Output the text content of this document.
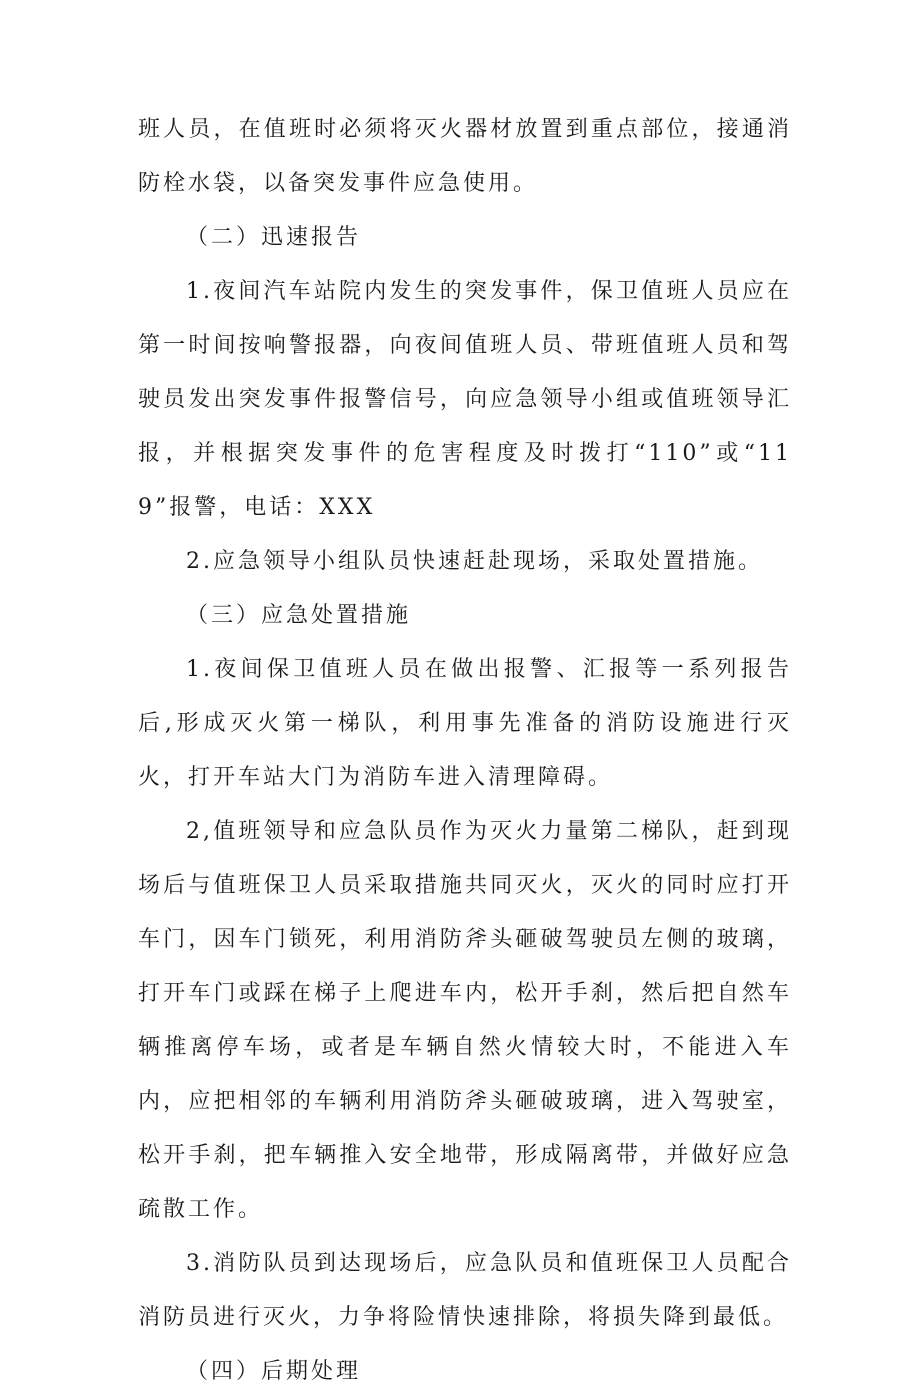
班人员，在值班时必须将灭火器材放置到重点部位，接通消防栓水袋，以备突发事件应急使用。

（二）迅速报告

1.夜间汽车站院内发生的突发事件，保卫值班人员应在第一时间按响警报器，向夜间值班人员、带班值班人员和驾驶员发出突发事件报警信号，向应急领导小组或值班领导汇报，并根据突发事件的危害程度及时拨打“110”或“119”报警，电话：XXX

2.应急领导小组队员快速赶赴现场，采取处置措施。

（三）应急处置措施

1.夜间保卫值班人员在做出报警、汇报等一系列报告后,形成灭火第一梯队，利用事先准备的消防设施进行灭火，打开车站大门为消防车进入清理障碍。

2,值班领导和应急队员作为灭火力量第二梯队，赶到现场后与值班保卫人员采取措施共同灭火，灭火的同时应打开车门，因车门锁死，利用消防斧头砸破驾驶员左侧的玻璃，打开车门或踩在梯子上爬进车内，松开手刹，然后把自然车辆推离停车场，或者是车辆自然火情较大时，不能进入车内，应把相邻的车辆利用消防斧头砸破玻璃，进入驾驶室，松开手刹，把车辆推入安全地带，形成隔离带，并做好应急疏散工作。

3.消防队员到达现场后，应急队员和值班保卫人员配合消防员进行灭火，力争将险情快速排除，将损失降到最低。

（四）后期处理
